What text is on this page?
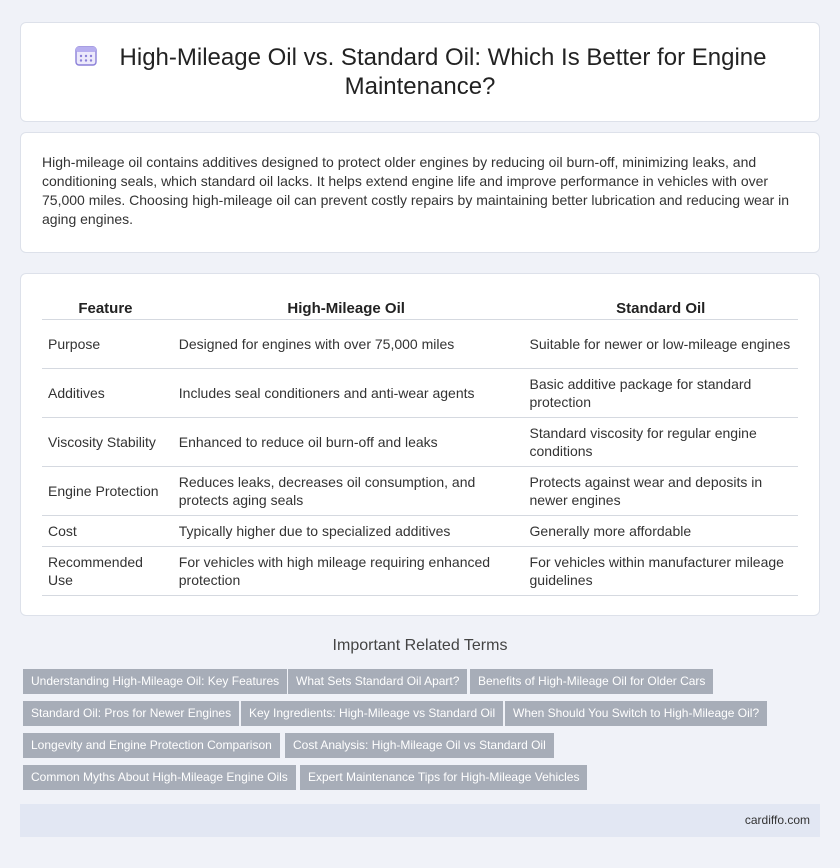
High-Mileage Oil vs. Standard Oil: Which Is Better for Engine Maintenance?

High-mileage oil contains additives designed to protect older engines by reducing oil burn-off, minimizing leaks, and conditioning seals, which standard oil lacks. It helps extend engine life and improve performance in vehicles with over 75,000 miles. Choosing high-mileage oil can prevent costly repairs by maintaining better lubrication and reducing wear in aging engines.

Feature		High-Mileage Oil		Standard Oil
Purpose		Designed for engines with over 75,000 miles		Suitable for newer or low-mileage engines
Additives		Includes seal conditioners and anti-wear agents		Basic additive package for standard protection
Viscosity Stability		Enhanced to reduce oil burn-off and leaks		Standard viscosity for regular engine conditions
Engine Protection		Reduces leaks, decreases oil consumption, and protects aging seals		Protects against wear and deposits in newer engines
Cost		Typically higher due to specialized additives		Generally more affordable
Recommended Use		For vehicles with high mileage requiring enhanced protection		For vehicles within manufacturer mileage guidelines
Important Related Terms
Understanding High-Mileage Oil: Key Features	What Sets Standard Oil Apart?	Benefits of High-Mileage Oil for Older Cars
Standard Oil: Pros for Newer Engines	Key Ingredients: High-Mileage vs Standard Oil	When Should You Switch to High-Mileage Oil?
Longevity and Engine Protection Comparison	Cost Analysis: High-Mileage Oil vs Standard Oil
Common Myths About High-Mileage Engine Oils	Expert Maintenance Tips for High-Mileage Vehicles
cardiffo.com
